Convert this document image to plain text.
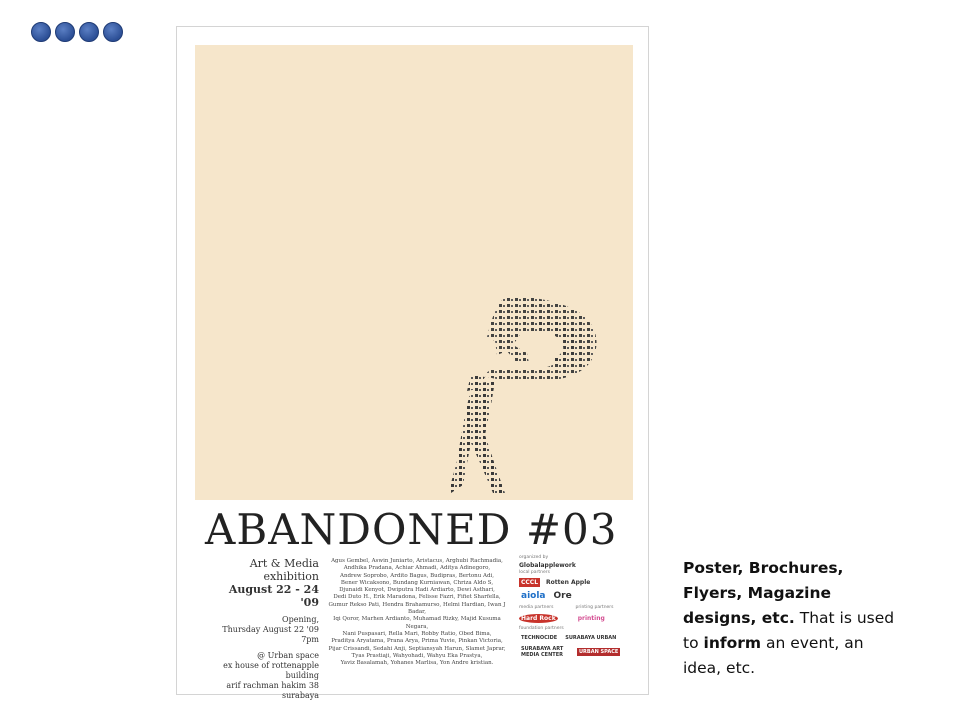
ABANDONED #03
Art & Media
exhibition
August 22 - 24 '09
Opening,
Thursday August 22 '09 7pm
@ Urban space
ex house of rottenapple building
arif rachman hakim 38 surabaya
Agus Gembel, Aswin Juniarto, Aristacus, Arghubi Rachmadia,
Andhika Pradana, Achiar Ahmadi, Aditya Adinegoro,
Andrew Soprobo, Ardito Bagus, Budipras, Bertonu Adi,
Bener Wicaksono, Bundang Kurniawan, Chriza Aldo S,
Djunaidi Kenyot, Dwiputra Hadi Ardiarto, Dewi Asthari,
Dedi Duto H., Erik Maradona, Felisse Fazri, Fifiet Sharfella,
Gumur Rekso Pati, Hendra Brahamurso, Helmi Hardian, Iwan J Badar,
Iqi Qoror, Marhen Ardianto, Muhamad Rizky, Majid Kusuma Negara,
Nani Puspasari, Rella Mari, Robby Ratio, Obed Bima,
Praditya Aryatama, Prana Arya, Prima Yuvie, Pinkan Victoria,
Pijar Crissandi, Sedahi Anji, Septiansyah Harun, Slamet Japrar,
Tyas Prastiaji, Wahyohadi, Wahyu Eka Prastya,
Yaviz Basalamah, Yohanes Marlisa, Yon Andre kristian.
organized by
Globalapplework
local partners
CCCL	Rotten Apple
aiola Ore
media partners	printing partners
Hard Rock	printing
foundation partners
TECHNOCIDE	SURABAYA URBAN
SURABAYA ART MEDIA CENTER	URBAN SPACE
Poster, Brochures, Flyers, Magazine designs, etc. That is used to inform an event, an idea, etc.
